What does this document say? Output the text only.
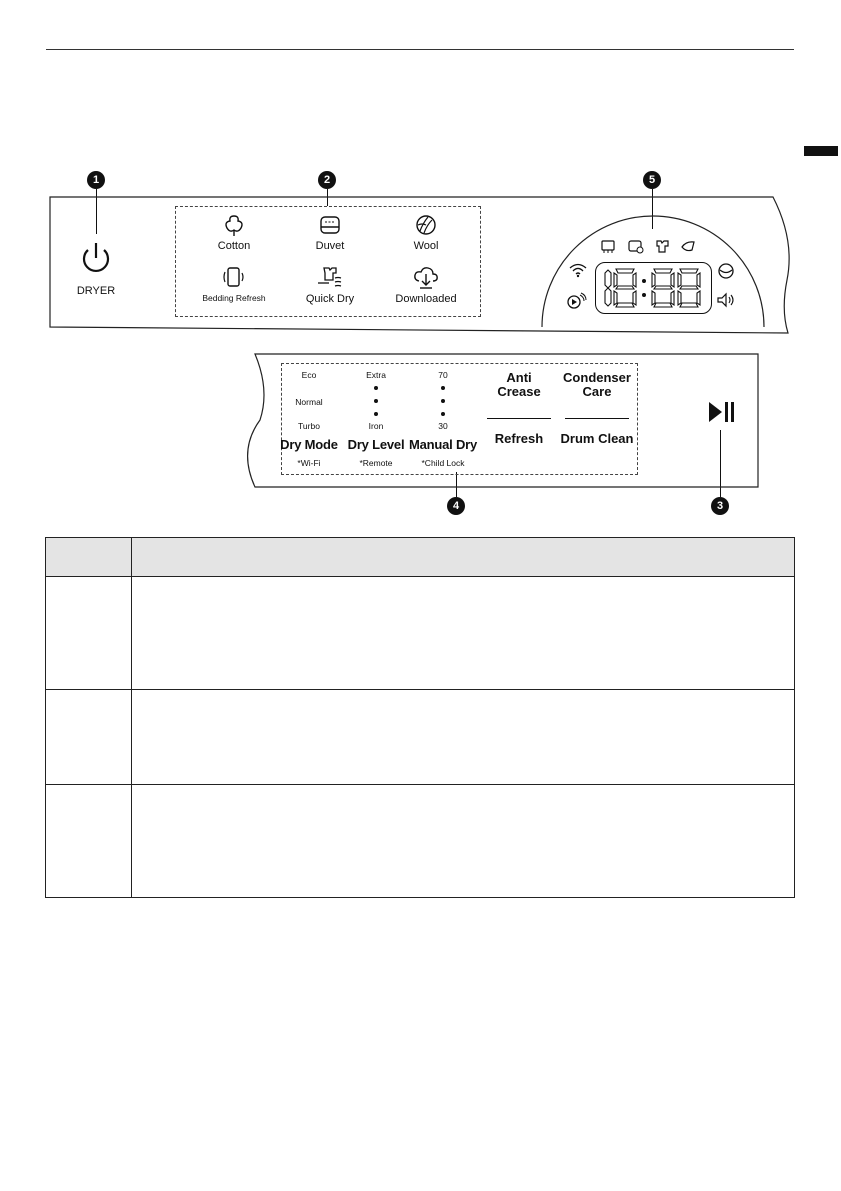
1	2	5
4	3
DRYER
Cotton	Duvet	Wool
Bedding Refresh	Quick Dry	Downloaded
Eco
Normal
Turbo
Dry Mode
*Wi-Fi
Extra
Iron
Dry Level
*Remote
70
30
Manual Dry
*Child Lock
Anti
Crease
Refresh
Condenser
Care
Drum Clean
